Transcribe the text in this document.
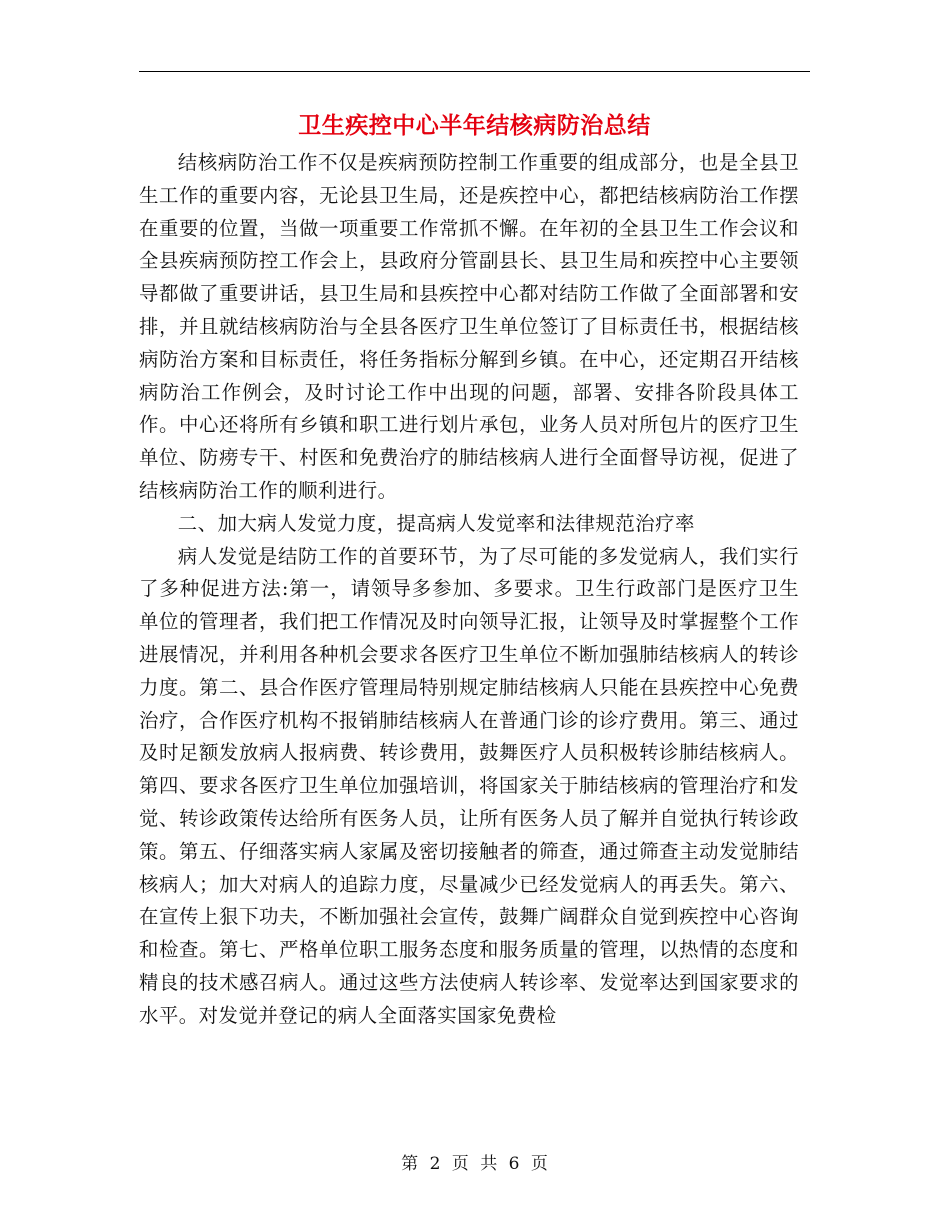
卫生疾控中心半年结核病防治总结

结核病防治工作不仅是疾病预防控制工作重要的组成部分，也是全县卫生工作的重要内容，无论县卫生局，还是疾控中心，都把结核病防治工作摆在重要的位置，当做一项重要工作常抓不懈。在年初的全县卫生工作会议和全县疾病预防控工作会上，县政府分管副县长、县卫生局和疾控中心主要领导都做了重要讲话，县卫生局和县疾控中心都对结防工作做了全面部署和安排，并且就结核病防治与全县各医疗卫生单位签订了目标责任书，根据结核病防治方案和目标责任，将任务指标分解到乡镇。在中心，还定期召开结核病防治工作例会，及时讨论工作中出现的问题，部署、安排各阶段具体工作。中心还将所有乡镇和职工进行划片承包，业务人员对所包片的医疗卫生单位、防痨专干、村医和免费治疗的肺结核病人进行全面督导访视，促进了结核病防治工作的顺利进行。

二、加大病人发觉力度，提高病人发觉率和法律规范治疗率

病人发觉是结防工作的首要环节，为了尽可能的多发觉病人，我们实行了多种促进方法:第一，请领导多参加、多要求。卫生行政部门是医疗卫生单位的管理者，我们把工作情况及时向领导汇报，让领导及时掌握整个工作进展情况，并利用各种机会要求各医疗卫生单位不断加强肺结核病人的转诊力度。第二、县合作医疗管理局特别规定肺结核病人只能在县疾控中心免费治疗，合作医疗机构不报销肺结核病人在普通门诊的诊疗费用。第三、通过及时足额发放病人报病费、转诊费用，鼓舞医疗人员积极转诊肺结核病人。第四、要求各医疗卫生单位加强培训，将国家关于肺结核病的管理治疗和发觉、转诊政策传达给所有医务人员，让所有医务人员了解并自觉执行转诊政策。第五、仔细落实病人家属及密切接触者的筛查，通过筛查主动发觉肺结核病人；加大对病人的追踪力度，尽量减少已经发觉病人的再丢失。第六、在宣传上狠下功夫，不断加强社会宣传，鼓舞广阔群众自觉到疾控中心咨询和检查。第七、严格单位职工服务态度和服务质量的管理，以热情的态度和精良的技术感召病人。通过这些方法使病人转诊率、发觉率达到国家要求的水平。对发觉并登记的病人全面落实国家免费检

第 2 页 共 6 页
